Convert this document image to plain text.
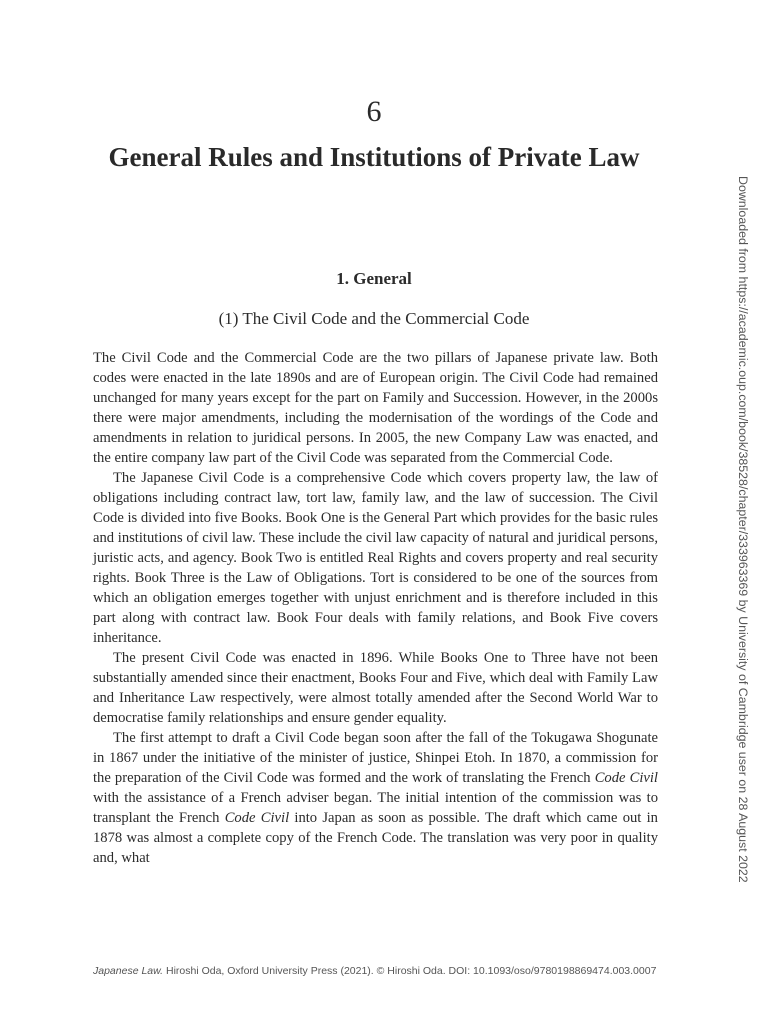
6
General Rules and Institutions of Private Law
1. General
(1) The Civil Code and the Commercial Code

The Civil Code and the Commercial Code are the two pillars of Japanese private law. Both codes were enacted in the late 1890s and are of European origin. The Civil Code had remained unchanged for many years except for the part on Family and Succession. However, in the 2000s there were major amendments, including the modernisation of the wordings of the Code and amendments in relation to juridical persons. In 2005, the new Company Law was enacted, and the entire company law part of the Civil Code was separated from the Commercial Code.

The Japanese Civil Code is a comprehensive Code which covers property law, the law of obligations including contract law, tort law, family law, and the law of succession. The Civil Code is divided into five Books. Book One is the General Part which provides for the basic rules and institutions of civil law. These include the civil law capacity of natural and juridical persons, juristic acts, and agency. Book Two is entitled Real Rights and covers property and real security rights. Book Three is the Law of Obligations. Tort is considered to be one of the sources from which an obligation emerges together with unjust enrichment and is therefore included in this part along with contract law. Book Four deals with family relations, and Book Five covers inheritance.

The present Civil Code was enacted in 1896. While Books One to Three have not been substantially amended since their enactment, Books Four and Five, which deal with Family Law and Inheritance Law respectively, were almost totally amended after the Second World War to democratise family relationships and ensure gender equality.

The first attempt to draft a Civil Code began soon after the fall of the Tokugawa Shogunate in 1867 under the initiative of the minister of justice, Shinpei Etoh. In 1870, a commission for the preparation of the Civil Code was formed and the work of translating the French Code Civil with the assistance of a French adviser began. The initial intention of the commission was to transplant the French Code Civil into Japan as soon as possible. The draft which came out in 1878 was almost a complete copy of the French Code. The translation was very poor in quality and, what

Japanese Law. Hiroshi Oda, Oxford University Press (2021). © Hiroshi Oda. DOI: 10.1093/oso/9780198869474.003.0007
Downloaded from https://academic.oup.com/book/38528/chapter/333963369 by University of Cambridge user on 28 August 2022
